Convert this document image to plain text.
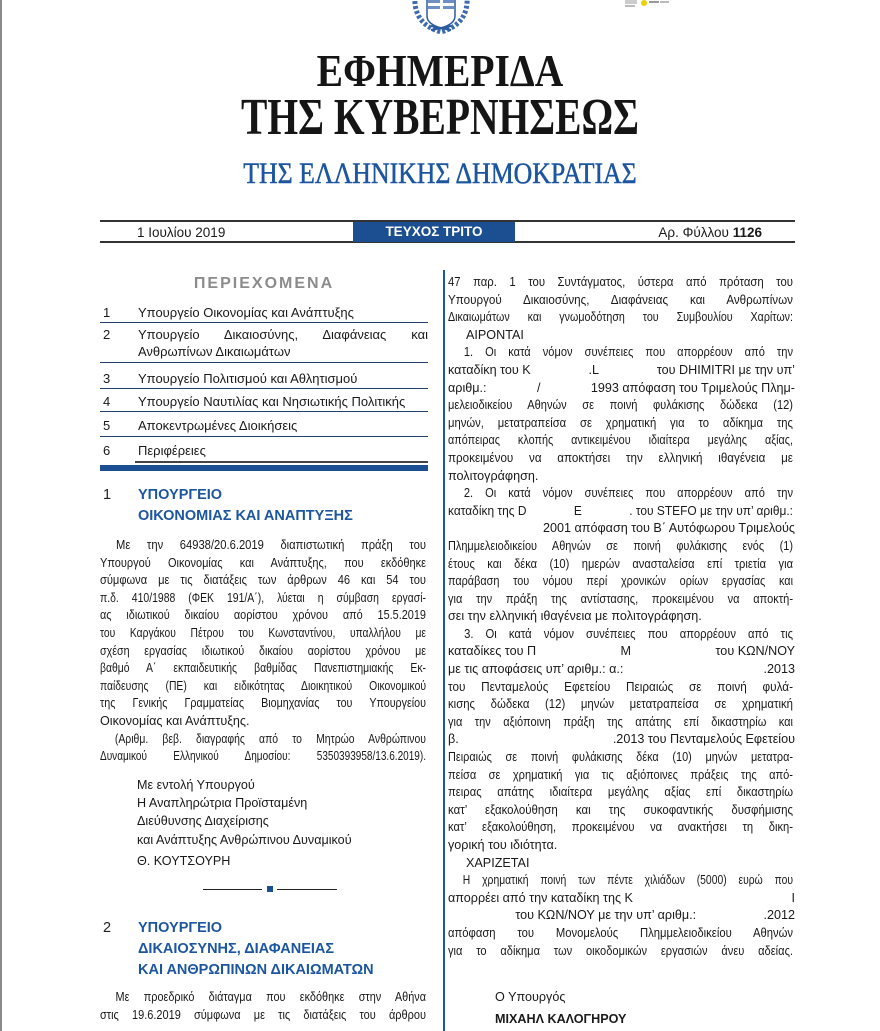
ΕΦΗΜΕΡΙΔΑ
ΤΗΣ ΚΥΒΕΡΝΗΣΕΩΣ
ΤΗΣ ΕΛΛΗΝΙΚΗΣ ΔΗΜΟΚΡΑΤΙΑΣ
1 Ιουλίου 2019	ΤΕΥΧΟΣ ΤΡΙΤΟ	Αρ. Φύλλου 1126
ΠΕΡΙΕΧΟΜΕΝΑ
1	Υπουργείο Οικονομίας και Ανάπτυξης
2	Υπουργείο Δικαιοσύνης, Διαφάνειας και Ανθρωπίνων Δικαιωμάτων
3	Υπουργείο Πολιτισμού και Αθλητισμού
4	Υπουργείο Ναυτιλίας και Νησιωτικής Πολιτικής
5	Αποκεντρωμένες Διοικήσεις
6	Περιφέρειες
1	ΥΠΟΥΡΓΕΙΟ
ΟΙΚΟΝΟΜΙΑΣ ΚΑΙ ΑΝΑΠΤΥΞΗΣ
Με την 64938/20.6.2019 διαπιστωτική πράξη του
Υπουργού Οικονομίας και Ανάπτυξης, που εκδόθηκε
σύμφωνα με τις διατάξεις των άρθρων 46 και 54 του
π.δ. 410/1988 (ΦΕΚ 191/Α΄), λύεται η σύμβαση εργασί-
ας ιδιωτικού δικαίου αορίστου χρόνου από 15.5.2019
του Καργάκου Πέτρου του Κωνσταντίνου, υπαλλήλου με
σχέση εργασίας ιδιωτικού δικαίου αορίστου χρόνου με
βαθμό Α΄ εκπαιδευτικής βαθμίδας Πανεπιστημιακής Εκ-
παίδευσης (ΠΕ) και ειδικότητας Διοικητικού Οικονομικού
της Γενικής Γραμματείας Βιομηχανίας του Υπουργείου
Οικονομίας και Ανάπτυξης.
(Αριθμ. βεβ. διαγραφής από το Μητρώο Ανθρώπινου
Δυναμικού Ελληνικού Δημοσίου: 5350393958/13.6.2019).
Με εντολή Υπουργού
Η Αναπληρώτρια Προϊσταμένη
Διεύθυνσης Διαχείρισης
και Ανάπτυξης Ανθρώπινου Δυναμικού
Θ. ΚΟΥΤΣΟΥΡΗ
2	ΥΠΟΥΡΓΕΙΟ
ΔΙΚΑΙΟΣΥΝΗΣ, ΔΙΑΦΑΝΕΙΑΣ
ΚΑΙ ΑΝΘΡΩΠΙΝΩΝ ΔΙΚΑΙΩΜΑΤΩΝ
Με προεδρικό διάταγμα που εκδόθηκε στην Αθήνα
στις 19.6.2019 σύμφωνα με τις διατάξεις του άρθρου
47 παρ. 1 του Συντάγματος, ύστερα από πρόταση του
Υπουργού Δικαιοσύνης, Διαφάνειας και Ανθρωπίνων
Δικαιωμάτων και γνωμοδότηση του Συμβουλίου Χαρίτων:
ΑΙΡΟΝΤΑΙ
1. Οι κατά νόμον συνέπειες που απορρέουν από την
καταδίκη του Κ	.L	του DHIMITRI με την υπ’
αριθμ.:	/	1993 απόφαση του Τριμελούς Πλημ-
μελειοδικείου Αθηνών σε ποινή φυλάκισης δώδεκα (12)
μηνών, μετατραπείσα σε χρηματική για το αδίκημα της
απόπειρας κλοπής αντικειμένου ιδιαίτερα μεγάλης αξίας,
προκειμένου να αποκτήσει την ελληνική ιθαγένεια με
πολιτογράφηση.
2. Οι κατά νόμον συνέπειες που απορρέουν από την
καταδίκη της D	E	. του STEFO με την υπ’ αριθμ.:
2001 απόφαση του Β΄ Αυτόφωρου Τριμελούς
Πλημμελειοδικείου Αθηνών σε ποινή φυλάκισης ενός (1)
έτους και δέκα (10) ημερών ανασταλείσα επί τριετία για
παράβαση του νόμου περί χρονικών ορίων εργασίας και
για την πράξη της αντίστασης, προκειμένου να αποκτή-
σει την ελληνική ιθαγένεια με πολιτογράφηση.
3. Οι κατά νόμον συνέπειες που απορρέουν από τις
καταδίκες του Π	Μ	του ΚΩΝ/ΝΟΥ
με τις αποφάσεις υπ’ αριθμ.: α.:	.2013
του Πενταμελούς Εφετείου Πειραιώς σε ποινή φυλά-
κισης δώδεκα (12) μηνών μετατραπείσα σε χρηματική
για την αξιόποινη πράξη της απάτης επί δικαστηρίω και
β.	.2013 του Πενταμελούς Εφετείου
Πειραιώς σε ποινή φυλάκισης δέκα (10) μηνών μετατρα-
πείσα σε χρηματική για τις αξιόποινες πράξεις της από-
πειρας απάτης ιδιαίτερα μεγάλης αξίας επί δικαστηρίω
κατ’ εξακολούθηση και της συκοφαντικής δυσφήμισης
κατ’ εξακολούθηση, προκειμένου να ανακτήσει τη δικη-
γορική του ιδιότητα.
ΧΑΡΙΖΕΤΑΙ
Η χρηματική ποινή των πέντε χιλιάδων (5000) ευρώ που
απορρέει από την καταδίκη της Κ	Ι
του ΚΩΝ/ΝΟΥ με την υπ’ αριθμ.:	.2012
απόφαση του Μονομελούς Πλημμελειοδικείου Αθηνών
για το αδίκημα των οικοδομικών εργασιών άνευ αδείας.
Ο Υπουργός
ΜΙΧΑΗΛ ΚΑΛΟΓΗΡΟΥ
